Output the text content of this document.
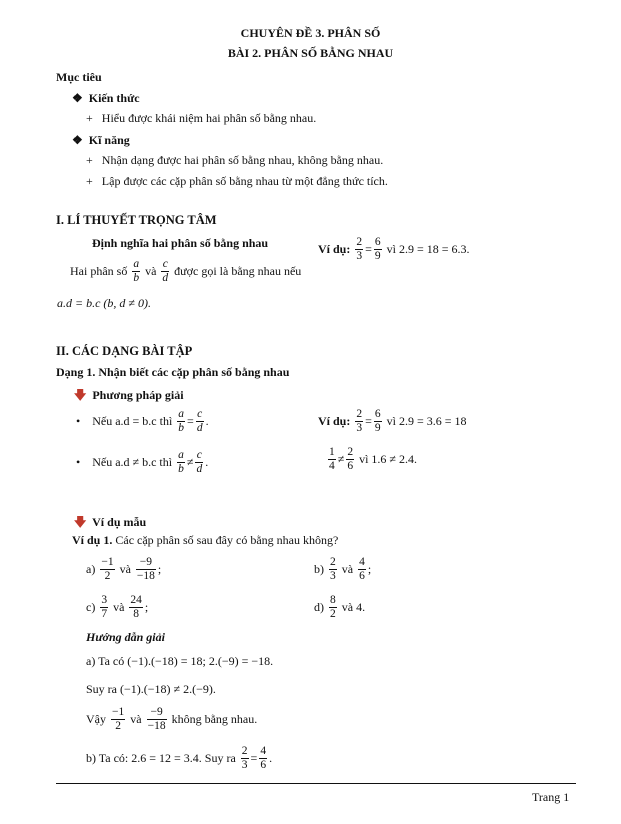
CHUYÊN ĐỀ 3. PHÂN SỐ
BÀI 2. PHÂN SỐ BẰNG NHAU
Mục tiêu
❖ Kiến thức
+ Hiểu được khái niệm hai phân số bằng nhau.
❖ Kĩ năng
+ Nhận dạng được hai phân số bằng nhau, không bằng nhau.
+ Lập được các cặp phân số bằng nhau từ một đẳng thức tích.
I. LÍ THUYẾT TRỌNG TÂM
Định nghĩa hai phân số bằng nhau
Hai phân số $\frac{a}{b}$ và $\frac{c}{d}$ được gọi là bằng nhau nếu
a.d = b.c (b, d ≠ 0).
Ví dụ: $\frac{2}{3} = \frac{6}{9}$ vì 2.9 = 18 = 6.3.
II. CÁC DẠNG BÀI TẬP
Dạng 1. Nhận biết các cặp phân số bằng nhau
🡇 Phương pháp giải
• Nếu a.d = b.c thì $\frac{a}{b} = \frac{c}{d}$ .
• Nếu a.d ≠ b.c thì $\frac{a}{b} \ne \frac{c}{d}$ .
Ví dụ: $\frac{2}{3} = \frac{6}{9}$ vì 2.9 = 3.6 = 18
$\frac{1}{4} \ne \frac{2}{6}$ vì 1.6 ≠ 2.4.
🡇 Ví dụ mẫu
Ví dụ 1. Các cặp phân số sau đây có bằng nhau không?
$a) \frac{-1}{2}$ và $\frac{-9}{-18}$ ;	$b) \frac{2}{3}$ và $\frac{4}{6}$ ;
$c) \frac{3}{7}$ và $\frac{24}{8}$ ;	$d) \frac{8}{2}$ và 4.
Hướng dẫn giải
a) Ta có (−1).(−18) = 18; 2.(−9) = −18.
Suy ra (−1).(−18) ≠ 2.(−9).
Vậy $\frac{-1}{2}$ và $\frac{-9}{-18}$ không bằng nhau.
b) Ta có: 2.6 = 12 = 3.4. Suy ra $\frac{2}{3} = \frac{4}{6}$ .
Trang 1
